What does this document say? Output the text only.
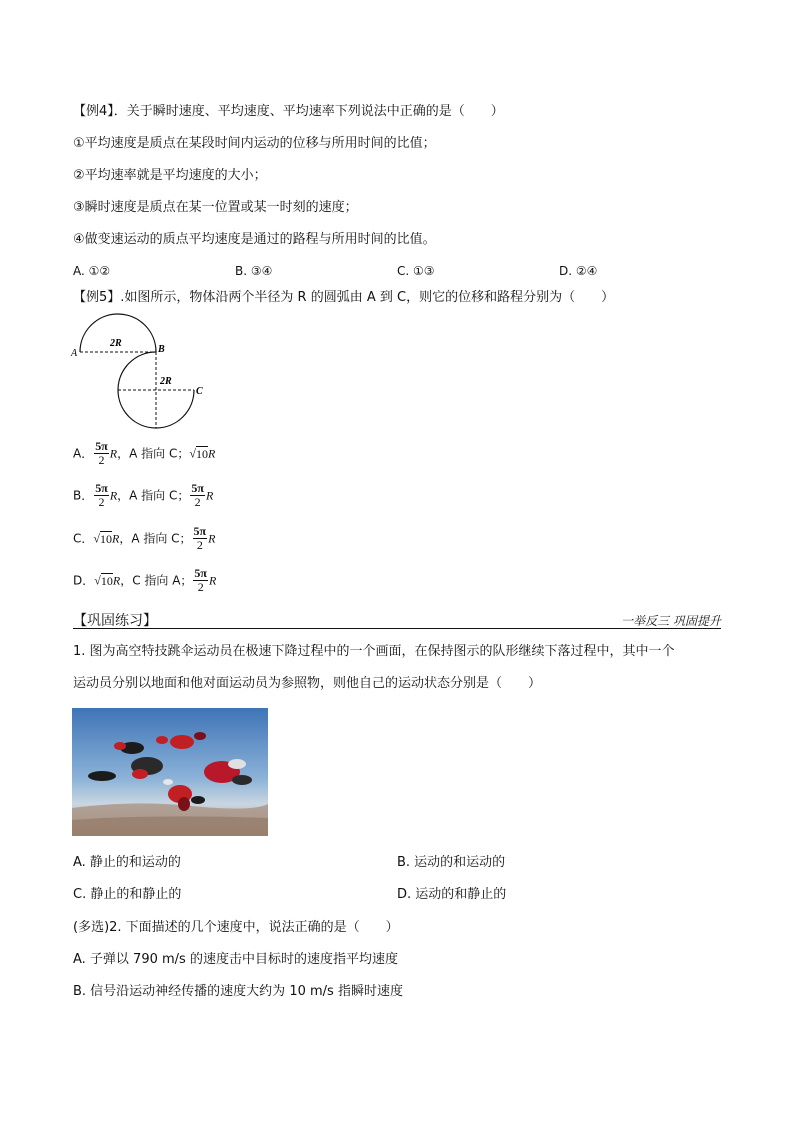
【例4】．关于瞬时速度、平均速度、平均速率下列说法中正确的是（　　）
①平均速度是质点在某段时间内运动的位移与所用时间的比值；
②平均速率就是平均速度的大小；
③瞬时速度是质点在某一位置或某一时刻的速度；
④做变速运动的质点平均速度是通过的路程与所用时间的比值。
A. ①②	B. ③④	C. ①③	D. ②④
【例5】.如图所示，物体沿两个半径为 R 的圆弧由 A 到 C，则它的位移和路程分别为（　　）
A	B
C
2R
2R
A． $\frac{5\pi}{2}$ R，A 指向 C；√10R
B． $\frac{5\pi}{2}$ R，A 指向 C； $\frac{5\pi}{2}$ R
C．√10R，A 指向 C； $\frac{5\pi}{2}$ R
D．√10R，C 指向 A； $\frac{5\pi}{2}$ R
【巩固练习】	一举反三 巩固提升
1. 图为高空特技跳伞运动员在极速下降过程中的一个画面，在保持图示的队形继续下落过程中，其中一个
运动员分别以地面和他对面运动员为参照物，则他自己的运动状态分别是（　　）
A. 静止的和运动的	B. 运动的和运动的
C. 静止的和静止的	D. 运动的和静止的
(多选)2. 下面描述的几个速度中，说法正确的是（　　）
A. 子弹以 790 m/s 的速度击中目标时的速度指平均速度
B. 信号沿运动神经传播的速度大约为 10 m/s 指瞬时速度
